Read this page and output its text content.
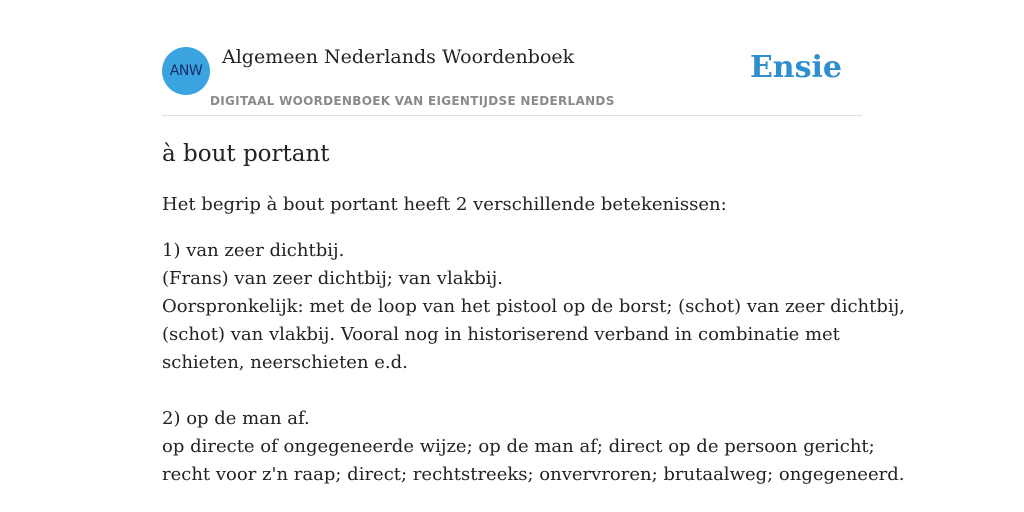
ANW
Algemeen Nederlands Woordenboek
DIGITAAL WOORDENBOEK VAN EIGENTIJDSE NEDERLANDS
Ensie
à bout portant

Het begrip à bout portant heeft 2 verschillende betekenissen:

1) van zeer dichtbij.
(Frans) van zeer dichtbij; van vlakbij.
Oorspronkelijk: met de loop van het pistool op de borst; (schot) van zeer dichtbij,
(schot) van vlakbij. Vooral nog in historiserend verband in combinatie met
schieten, neerschieten e.d.

2) op de man af.
op directe of ongegeneerde wijze; op de man af; direct op de persoon gericht;
recht voor z'n raap; direct; rechtstreeks; onvervroren; brutaalweg; ongegeneerd.
